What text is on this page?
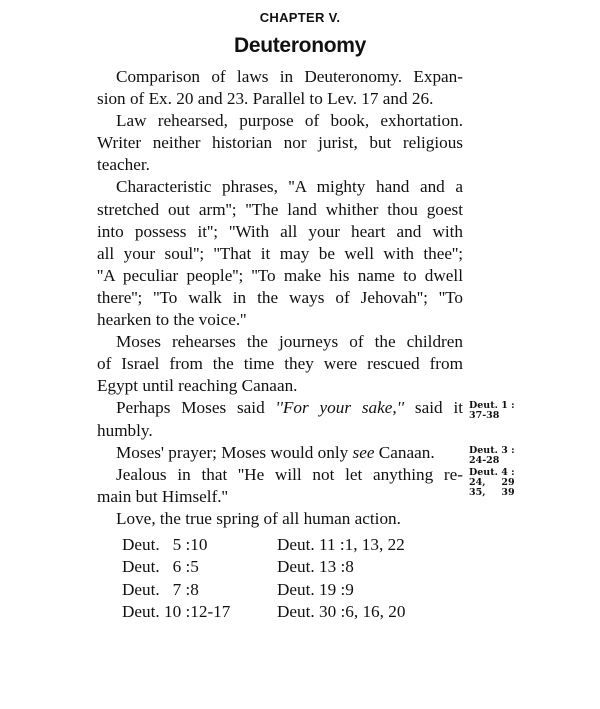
CHAPTER V.
Deuteronomy
Comparison of laws in Deuteronomy. Expan-
sion of Ex. 20 and 23. Parallel to Lev. 17 and 26.
Law rehearsed, purpose of book, exhortation.
Writer neither historian nor jurist, but religious
teacher.
Characteristic phrases, ''A mighty hand and a
stretched out arm''; ''The land whither thou goest
into possess it''; ''With all your heart and with
all your soul''; ''That it may be well with thee'';
''A peculiar people''; ''To make his name to dwell
there''; ''To walk in the ways of Jehovah''; ''To
hearken to the voice.''
Moses rehearses the journeys of the children
of Israel from the time they were rescued from
Egypt until reaching Canaan.
Perhaps Moses said ''For your sake,'' said it Deut. 1 :
37-38
humbly.
Moses' prayer; Moses would only see Canaan.	Deut. 3 :
24-28
Jealous in that ''He will not let anything re- Deut. 4 :
24, 29
35, 39
main but Himself.''
Love, the true spring of all human action.
Deut.   5 :10	Deut. 11 :1, 13, 22
Deut.   6 :5	Deut. 13 :8
Deut.   7 :8	Deut. 19 :9
Deut. 10 :12-17	Deut. 30 :6, 16, 20
